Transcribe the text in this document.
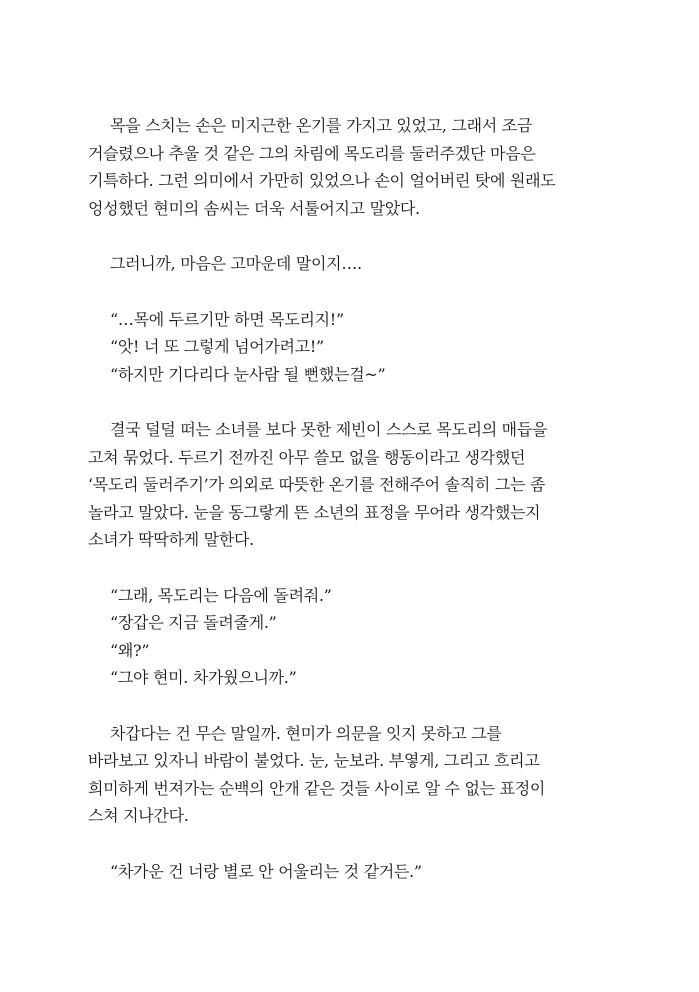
목을 스치는 손은 미지근한 온기를 가지고 있었고, 그래서 조금
거슬렸으나 추울 것 같은 그의 차림에 목도리를 둘러주겠단 마음은
기특하다. 그런 의미에서 가만히 있었으나 손이 얼어버린 탓에 원래도
엉성했던 현미의 솜씨는 더욱 서툴어지고 말았다.
그러니까, 마음은 고마운데 말이지….
“…목에 두르기만 하면 목도리지!”
“앗! 너 또 그렇게 넘어가려고!”
“하지만 기다리다 눈사람 될 뻔했는걸~”
결국 덜덜 떠는 소녀를 보다 못한 제빈이 스스로 목도리의 매듭을
고쳐 묶었다. 두르기 전까진 아무 쓸모 없을 행동이라고 생각했던
‘목도리 둘러주기’가 의외로 따뜻한 온기를 전해주어 솔직히 그는 좀
놀라고 말았다. 눈을 동그랗게 뜬 소년의 표정을 무어라 생각했는지
소녀가 딱딱하게 말한다.
“그래, 목도리는 다음에 돌려줘.”
“장갑은 지금 돌려줄게.”
“왜?”
“그야 현미. 차가웠으니까.”
차갑다는 건 무슨 말일까. 현미가 의문을 잇지 못하고 그를
바라보고 있자니 바람이 불었다. 눈, 눈보라. 부옇게, 그리고 흐리고
희미하게 번져가는 순백의 안개 같은 것들 사이로 알 수 없는 표정이
스쳐 지나간다.
“차가운 건 너랑 별로 안 어울리는 것 같거든.”
